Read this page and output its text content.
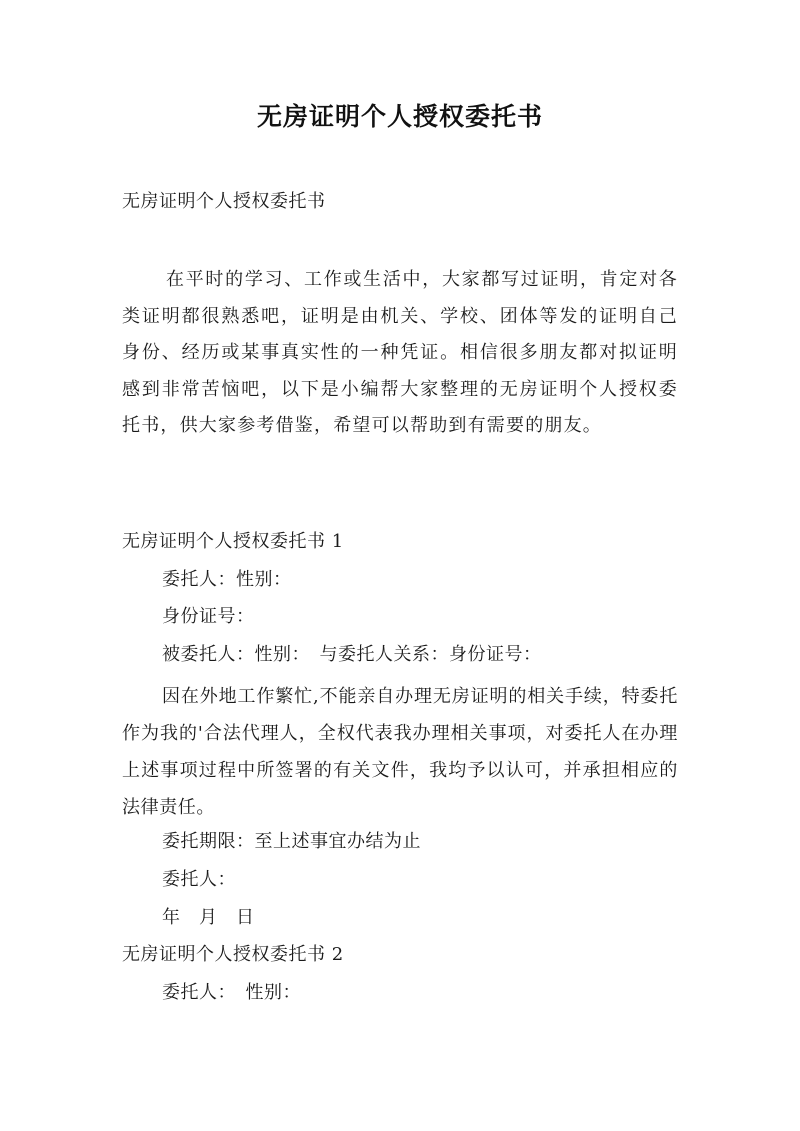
无房证明个人授权委托书
无房证明个人授权委托书
在平时的学习、工作或生活中，大家都写过证明，肯定对各类证明都很熟悉吧，证明是由机关、学校、团体等发的证明自己身份、经历或某事真实性的一种凭证。相信很多朋友都对拟证明感到非常苦恼吧，以下是小编帮大家整理的无房证明个人授权委托书，供大家参考借鉴，希望可以帮助到有需要的朋友。
无房证明个人授权委托书 1
委托人：性别：
身份证号：
被委托人：性别：　与委托人关系：身份证号：
因在外地工作繁忙,不能亲自办理无房证明的相关手续，特委托作为我的'合法代理人，全权代表我办理相关事项，对委托人在办理上述事项过程中所签署的有关文件，我均予以认可，并承担相应的法律责任。
委托期限：至上述事宜办结为止
委托人：
年　月　日
无房证明个人授权委托书 2
委托人：　性别：
